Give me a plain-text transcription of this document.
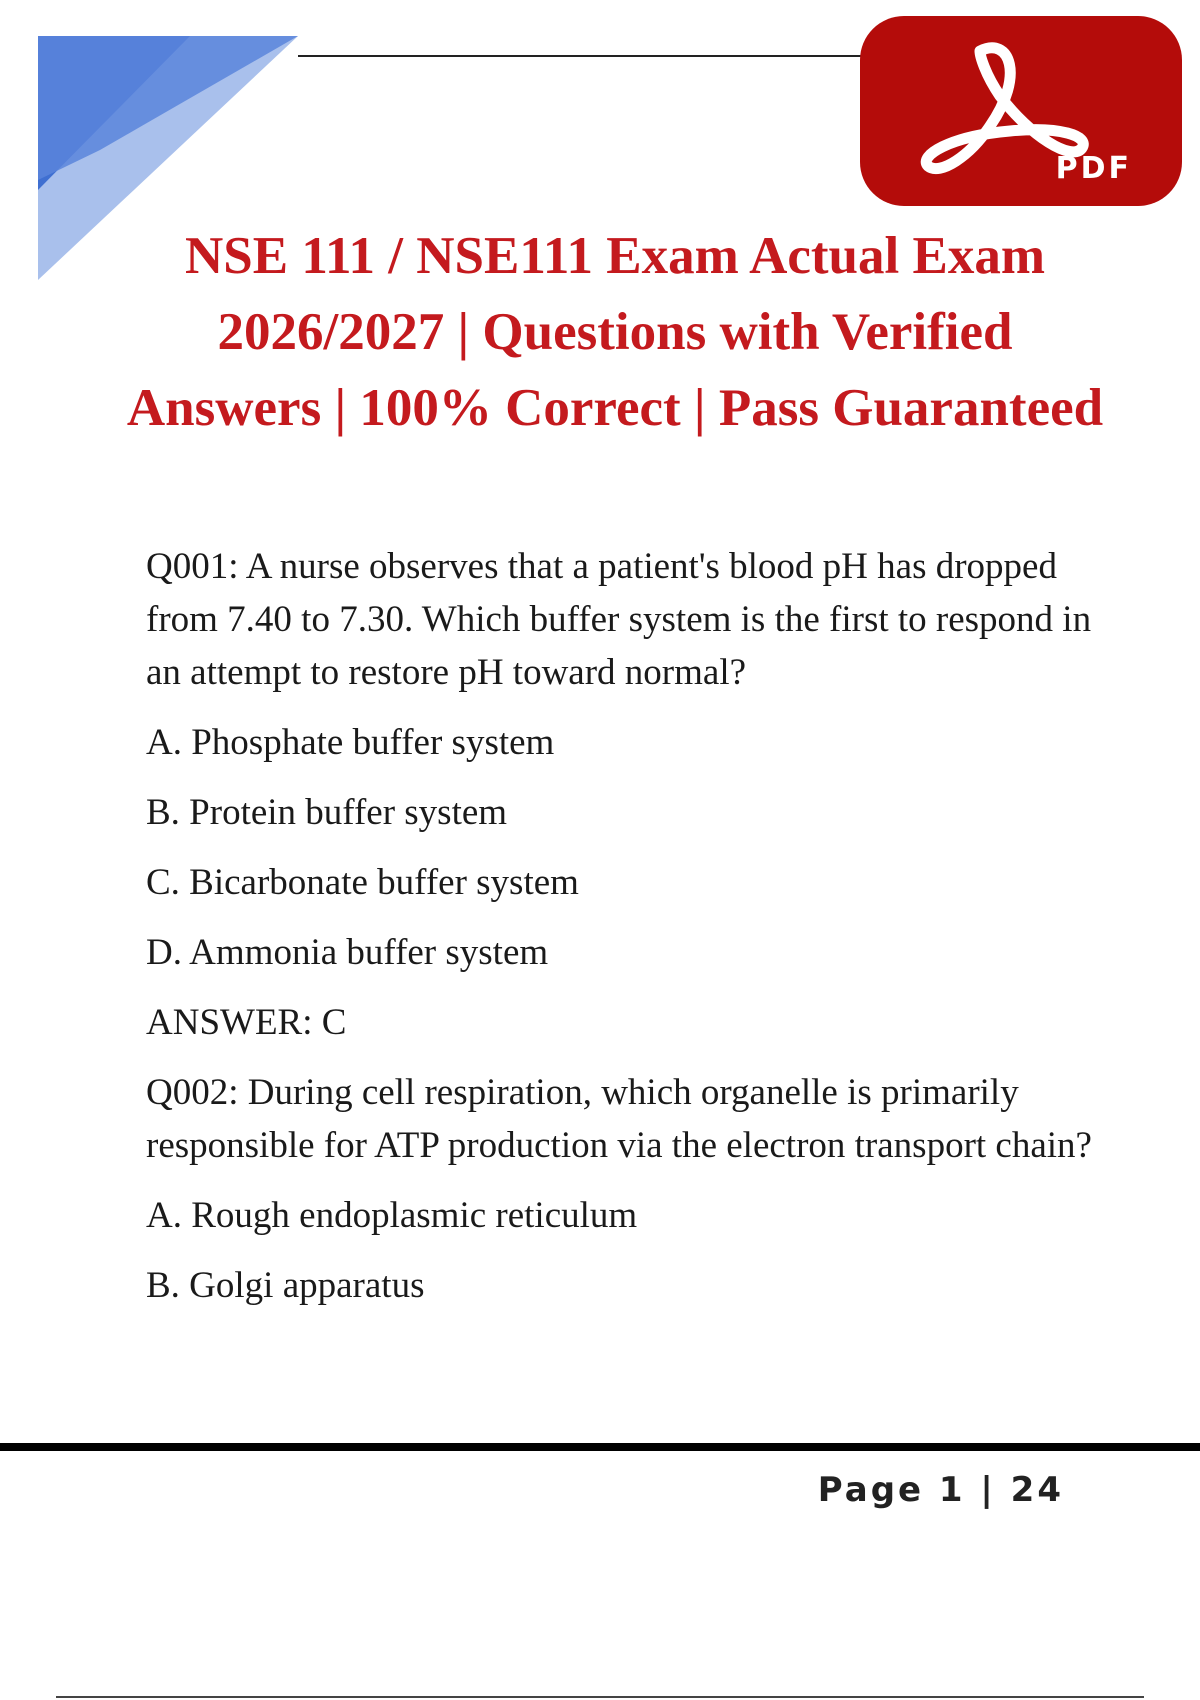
PDF
NSE 111 / NSE111 Exam Actual Exam 2026/2027 | Questions with Verified Answers | 100% Correct | Pass Guaranteed

Q001: A nurse observes that a patient's blood pH has dropped from 7.40 to 7.30. Which buffer system is the first to respond in an attempt to restore pH toward normal?

A. Phosphate buffer system

B. Protein buffer system

C. Bicarbonate buffer system

D. Ammonia buffer system

ANSWER: C

Q002: During cell respiration, which organelle is primarily responsible for ATP production via the electron transport chain?

A. Rough endoplasmic reticulum

B. Golgi apparatus

Page 1 | 24
